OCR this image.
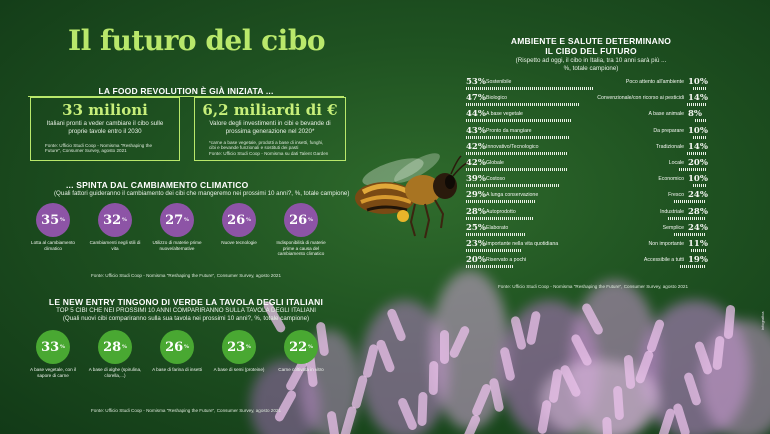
Il futuro del cibo
LA FOOD REVOLUTION È GIÀ INIZIATA ...
33 milioni
Italiani pronti a veder cambiare il cibo sulle proprie tavole entro il 2030
Fonte: Ufficio Studi Coop - Nomisma "Reshaping the Future", Consumer Survey, agosto 2021
6,2 miliardi di €
Valore degli investimenti in cibi e bevande di prossima generazione nel 2020*
*carne a base vegetale, prodotti a base di insetti, funghi, cibi e bevande funzionali e sostituti dei pasti
Fonte: Ufficio Studi Coop - Nomisma su dati Talent Garden
... SPINTA DAL CAMBIAMENTO CLIMATICO
(Quali fattori guideranno il cambiamento dei cibi che mangeremo nei prossimi 10 anni?, %, totale campione)
35 %
Lotta al cambiamento climatico
32 %
Cambiamenti negli stili di vita
27 %
Utilizzo di materie prime nuove/alternative
26 %
Nuove tecnologie
26 %
Indisponibilità di materie prime a causa del cambiamento climatico
Fonte: Ufficio Studi Coop - Nomisma "Reshaping the Future", Consumer Survey, agosto 2021
LE NEW ENTRY TINGONO DI VERDE LA TAVOLA DEGLI ITALIANI
TOP 5 CIBI CHE NEI PROSSIMI 10 ANNI COMPARIRANNO SULLA TAVOLA DEGLI ITALIANI
(Quali nuovi cibi compariranno sulla sua tavola nei prossimi 10 anni?, %, totale campione)
33 %
A base vegetale, con il sapore di carne
28 %
A base di alghe (spirulina, clorella,...)
26 %
A base di farina di insetti
23 %
A base di semi (proteine)
22 %
Carne coltivata in vitro
Fonte: Ufficio Studi Coop - Nomisma "Reshaping the Future", Consumer Survey, agosto 2021
AMBIENTE E SALUTE DETERMINANO
IL CIBO DEL FUTURO
(Rispetto ad oggi, il cibo in Italia, tra 10 anni sarà più ...
%, totale campione)
53% Sostenibile	Poco attento all'ambiente 10%
47% Biologico	Convenzionale/con ricorso ai pesticidi 14%
44% A base vegetale	A base animale 8%
43% Pronto da mangiare	Da preparare 10%
42% Innovativo/Tecnologico	Tradizionale 14%
42% Globale	Locale 20%
39% Costoso	Economico 10%
29% A lunga conservazione	Fresco 24%
28% Autoprodotto	Industriale 28%
25% Elaborato	Semplice 24%
23% Importante nella vita quotidiana	Non importante 11%
20% Riservato a pochi	Accessibile a tutti 19%
Fonte: Ufficio Studi Coop - Nomisma "Reshaping the Future", Consumer Survey, agosto 2021
infografica
